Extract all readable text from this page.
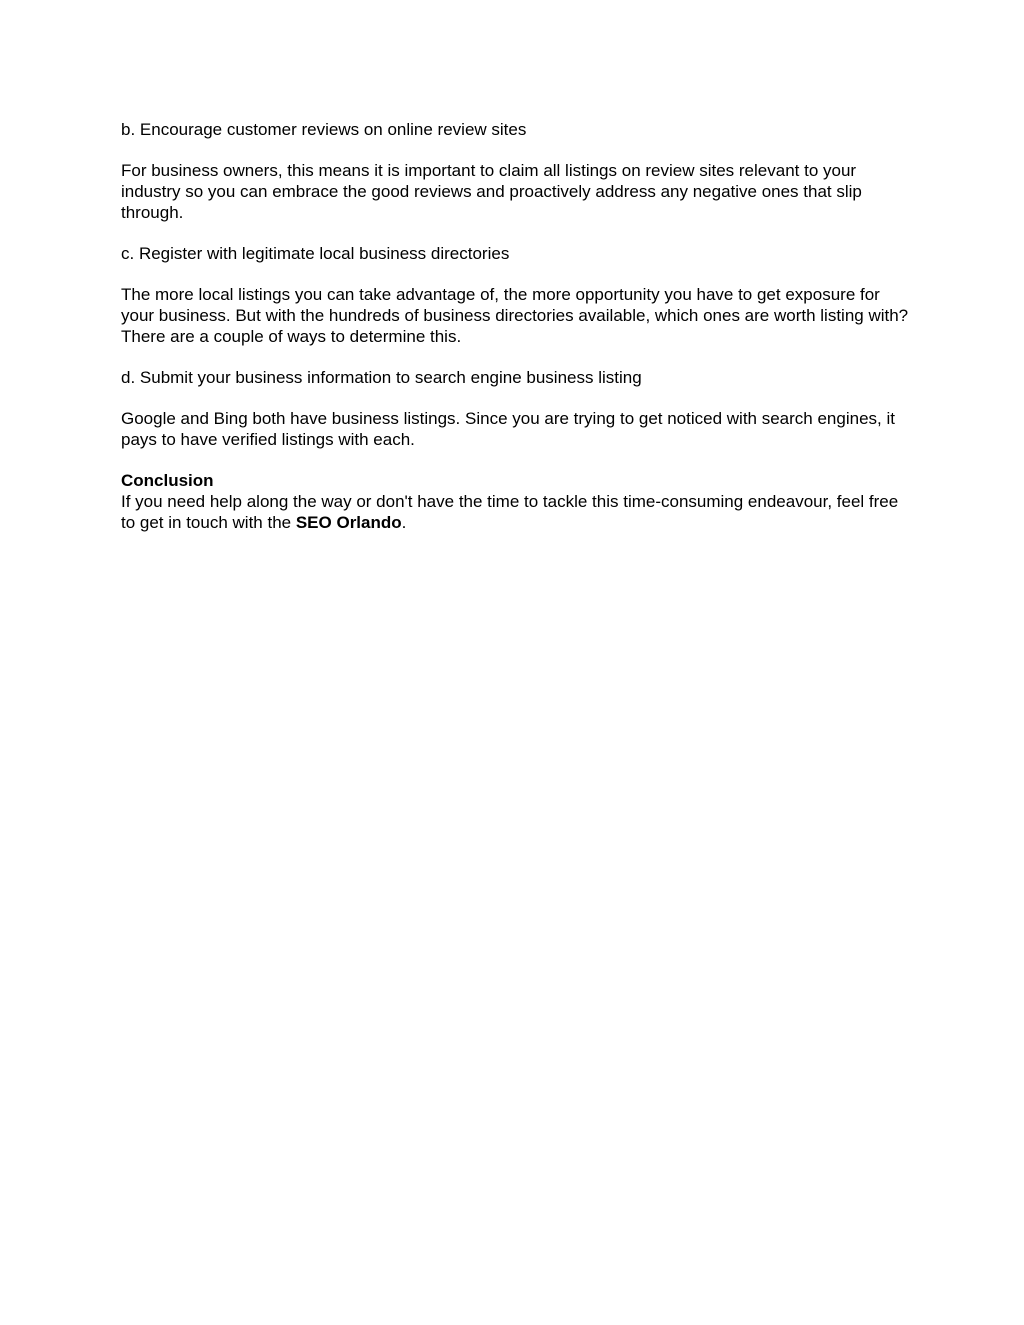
b. Encourage customer reviews on online review sites

For business owners, this means it is important to claim all listings on review sites relevant to your industry so you can embrace the good reviews and proactively address any negative ones that slip through.

c. Register with legitimate local business directories

The more local listings you can take advantage of, the more opportunity you have to get exposure for your business. But with the hundreds of business directories available, which ones are worth listing with? There are a couple of ways to determine this.

d. Submit your business information to search engine business listing

Google and Bing both have business listings. Since you are trying to get noticed with search engines, it pays to have verified listings with each.

Conclusion

If you need help along the way or don't have the time to tackle this time-consuming endeavour, feel free to get in touch with the SEO Orlando.
